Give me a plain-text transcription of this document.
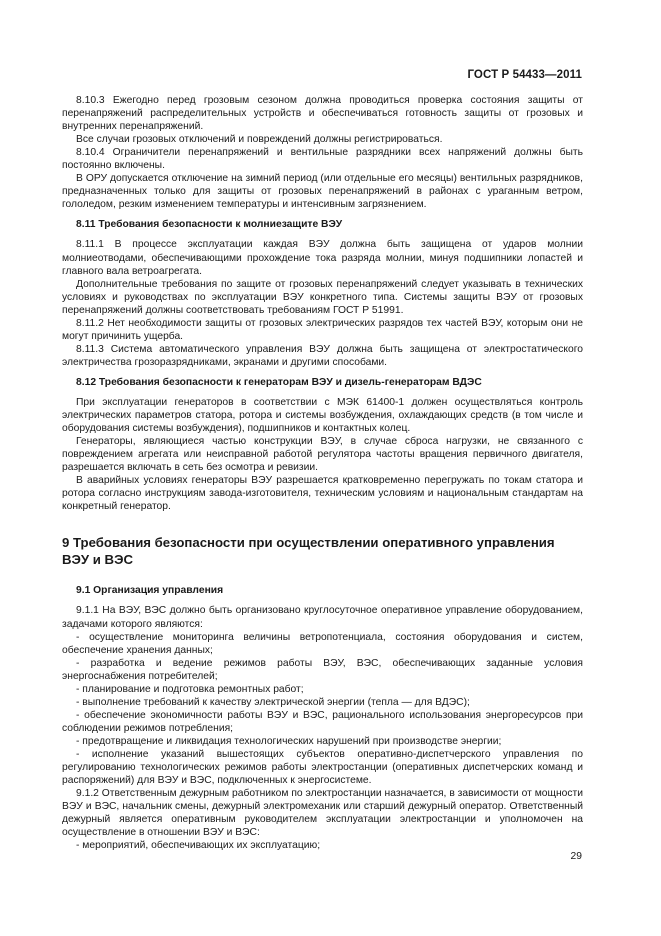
ГОСТ Р 54433—2011

8.10.3 Ежегодно перед грозовым сезоном должна проводиться проверка состояния защиты от перенапряжений распределительных устройств и обеспечиваться готовность защиты от грозовых и внутренних перенапряжений.

Все случаи грозовых отключений и повреждений должны регистрироваться.

8.10.4 Ограничители перенапряжений и вентильные разрядники всех напряжений должны быть постоянно включены.

В ОРУ допускается отключение на зимний период (или отдельные его месяцы) вентильных разрядников, предназначенных только для защиты от грозовых перенапряжений в районах с ураганным ветром, гололедом, резким изменением температуры и интенсивным загрязнением.

8.11 Требования безопасности к молниезащите ВЭУ

8.11.1 В процессе эксплуатации каждая ВЭУ должна быть защищена от ударов молнии молниеотводами, обеспечивающими прохождение тока разряда молнии, минуя подшипники лопастей и главного вала ветроагрегата.

Дополнительные требования по защите от грозовых перенапряжений следует указывать в технических условиях и руководствах по эксплуатации ВЭУ конкретного типа. Системы защиты ВЭУ от грозовых перенапряжений должны соответствовать требованиям ГОСТ Р 51991.

8.11.2 Нет необходимости защиты от грозовых электрических разрядов тех частей ВЭУ, которым они не могут причинить ущерба.

8.11.3 Система автоматического управления ВЭУ должна быть защищена от электростатического электричества грозоразрядниками, экранами и другими способами.

8.12 Требования безопасности к генераторам ВЭУ и дизель-генераторам ВДЭС

При эксплуатации генераторов в соответствии с МЭК 61400-1 должен осуществляться контроль электрических параметров статора, ротора и системы возбуждения, охлаждающих средств (в том числе и оборудования системы возбуждения), подшипников и контактных колец.

Генераторы, являющиеся частью конструкции ВЭУ, в случае сброса нагрузки, не связанного с повреждением агрегата или неисправной работой регулятора частоты вращения первичного двигателя, разрешается включать в сеть без осмотра и ревизии.

В аварийных условиях генераторы ВЭУ разрешается кратковременно перегружать по токам статора и ротора согласно инструкциям завода-изготовителя, техническим условиям и национальным стандартам на конкретный генератор.

9 Требования безопасности при осуществлении оперативного управления ВЭУ и ВЭС

9.1 Организация управления

9.1.1 На ВЭУ, ВЭС должно быть организовано круглосуточное оперативное управление оборудованием, задачами которого являются:

- осуществление мониторинга величины ветропотенциала, состояния оборудования и систем, обеспечение хранения данных;

- разработка и ведение режимов работы ВЭУ, ВЭС, обеспечивающих заданные условия энергоснабжения потребителей;

- планирование и подготовка ремонтных работ;

- выполнение требований к качеству электрической энергии (тепла — для ВДЭС);

- обеспечение экономичности работы ВЭУ и ВЭС, рационального использования энергоресурсов при соблюдении режимов потребления;

- предотвращение и ликвидация технологических нарушений при производстве энергии;

- исполнение указаний вышестоящих субъектов оперативно-диспетчерского управления по регулированию технологических режимов работы электростанции (оперативных диспетчерских команд и распоряжений) для ВЭУ и ВЭС, подключенных к энергосистеме.

9.1.2 Ответственным дежурным работником по электростанции назначается, в зависимости от мощности ВЭУ и ВЭС, начальник смены, дежурный электромеханик или старший дежурный оператор. Ответственный дежурный является оперативным руководителем эксплуатации электростанции и уполномочен на осуществление в отношении ВЭУ и ВЭС:

- мероприятий, обеспечивающих их эксплуатацию;

29
